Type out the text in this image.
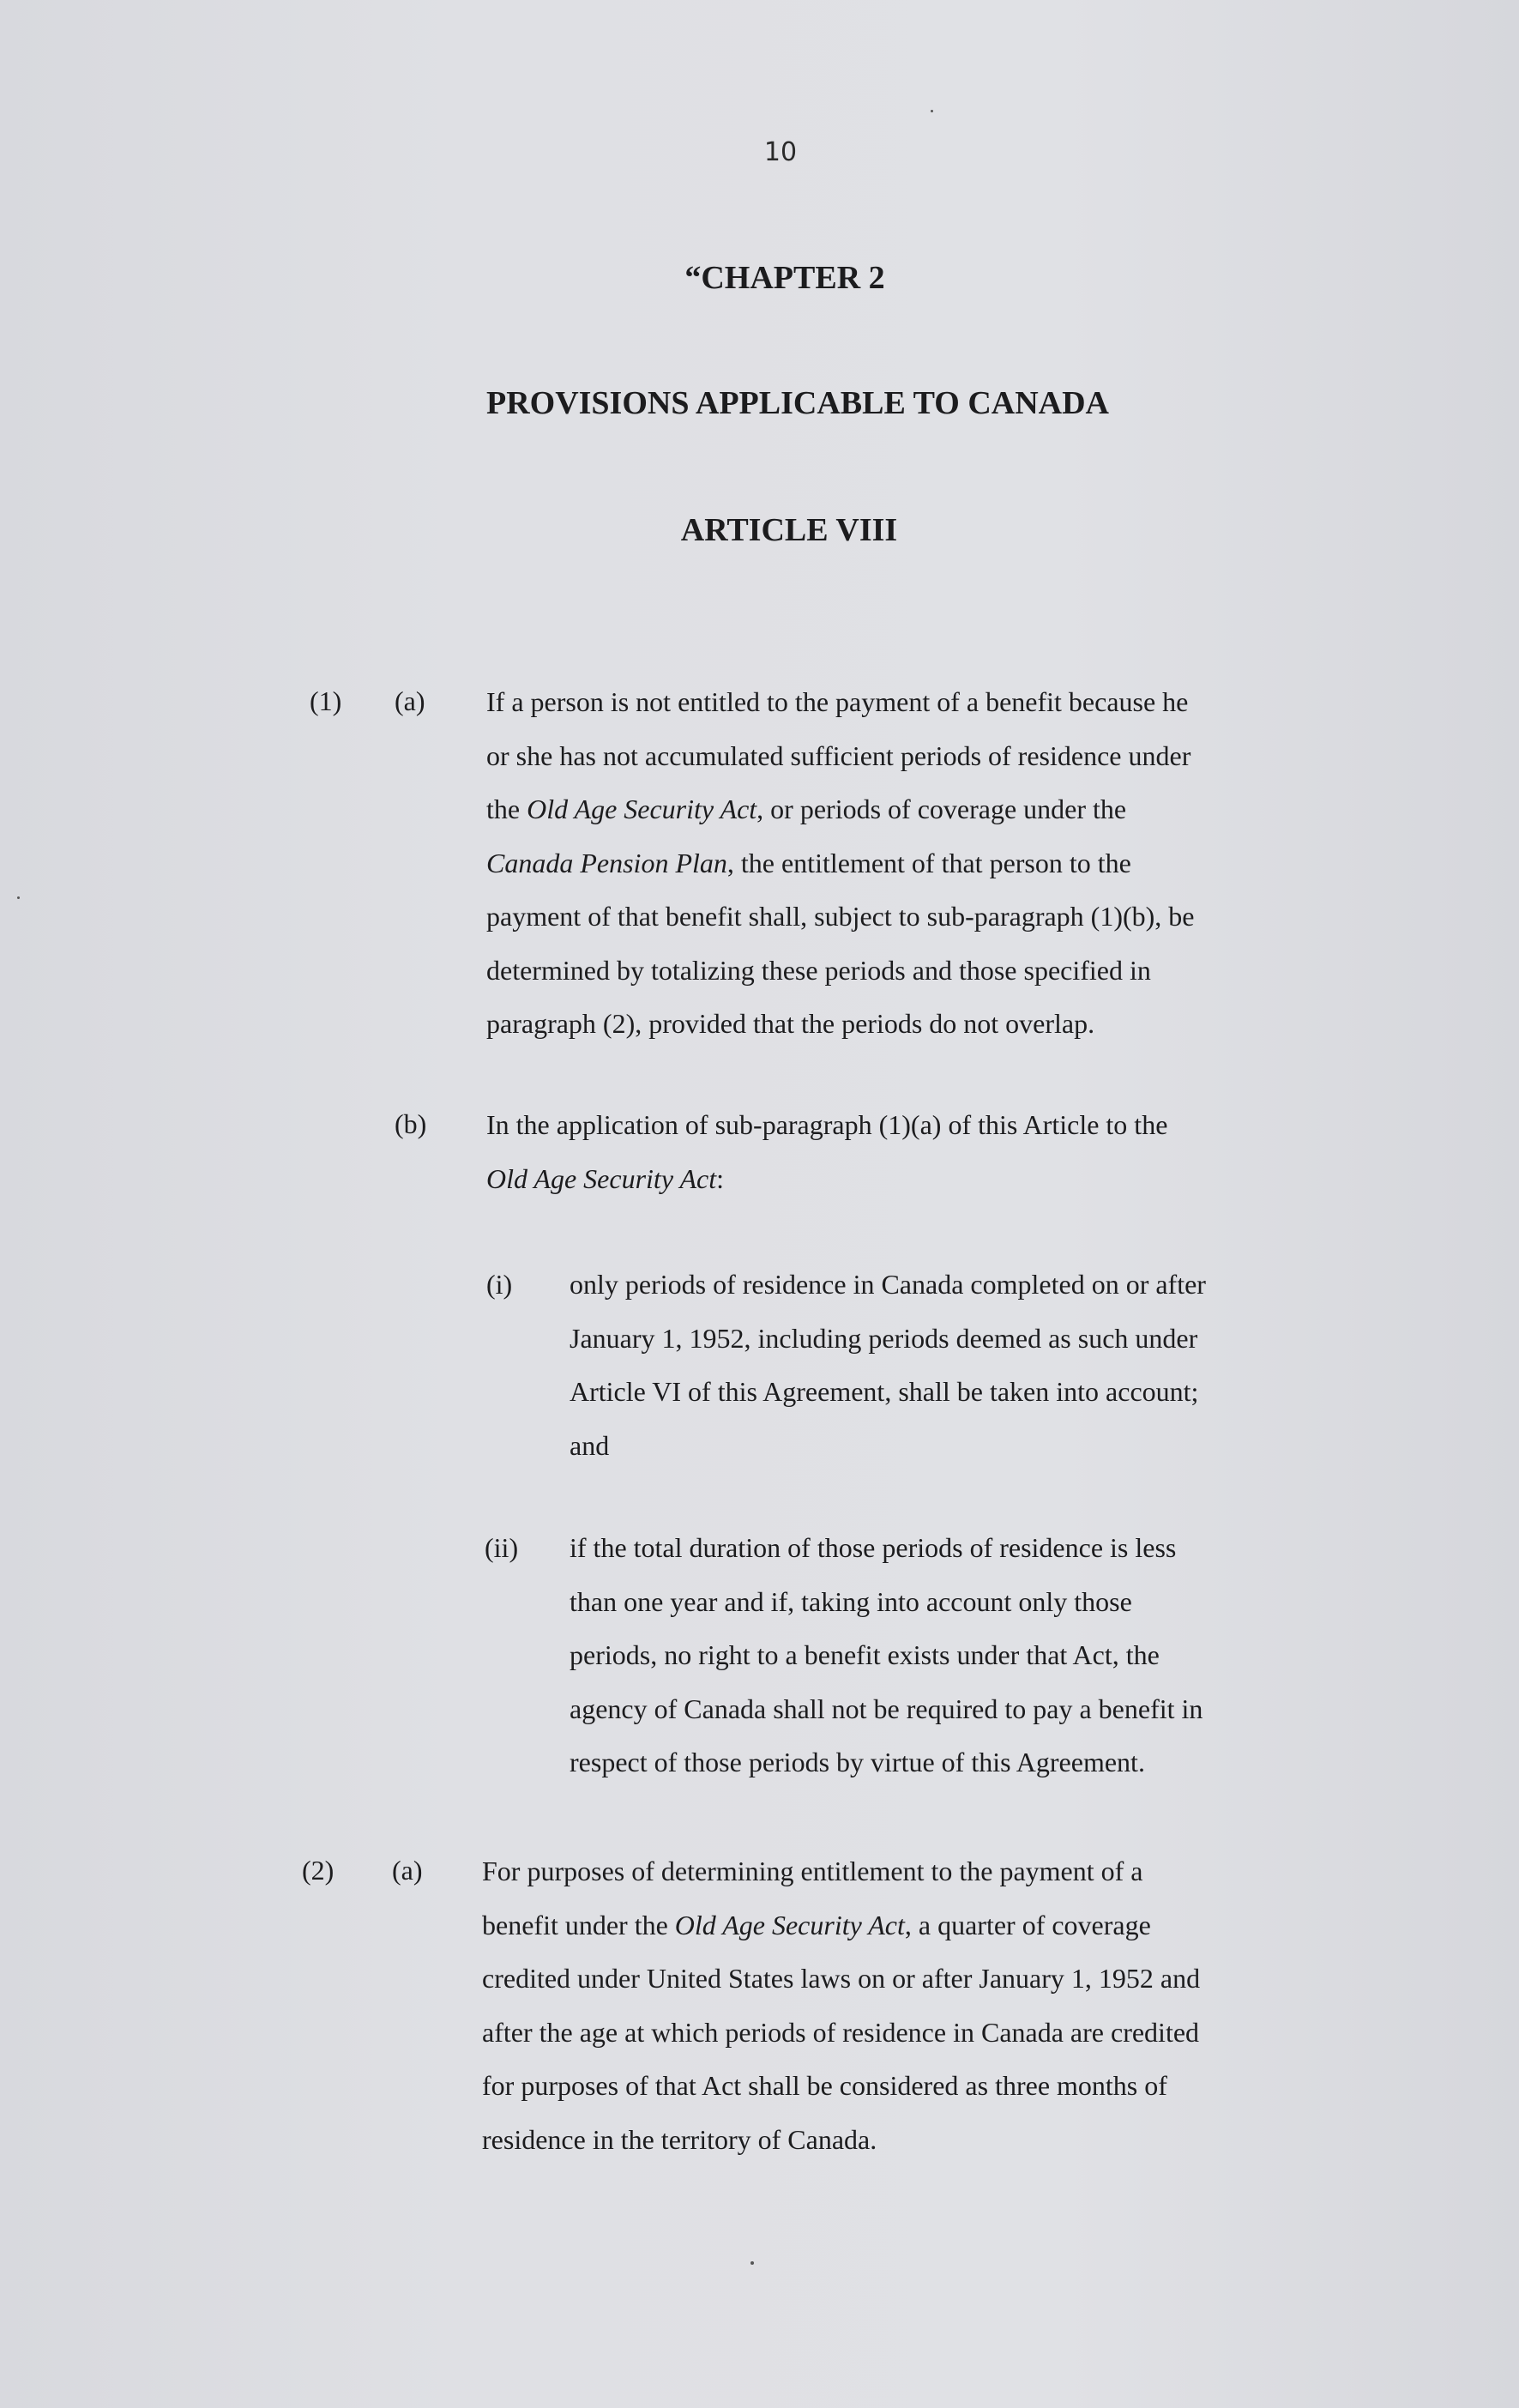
10
“CHAPTER 2
PROVISIONS APPLICABLE TO CANADA
ARTICLE VIII
(1) (a) If a person is not entitled to the payment of a benefit because he
or she has not accumulated sufficient periods of residence under
the Old Age Security Act, or periods of coverage under the
Canada Pension Plan, the entitlement of that person to the
payment of that benefit shall, subject to sub-paragraph (1)(b), be
determined by totalizing these periods and those specified in
paragraph (2), provided that the periods do not overlap.

(b) In the application of sub-paragraph (1)(a) of this Article to the
Old Age Security Act:

(i) only periods of residence in Canada completed on or after
January 1, 1952, including periods deemed as such under
Article VI of this Agreement, shall be taken into account;
and

(ii) if the total duration of those periods of residence is less
than one year and if, taking into account only those
periods, no right to a benefit exists under that Act, the
agency of Canada shall not be required to pay a benefit in
respect of those periods by virtue of this Agreement.

(2) (a) For purposes of determining entitlement to the payment of a
benefit under the Old Age Security Act, a quarter of coverage
credited under United States laws on or after January 1, 1952 and
after the age at which periods of residence in Canada are credited
for purposes of that Act shall be considered as three months of
residence in the territory of Canada.
